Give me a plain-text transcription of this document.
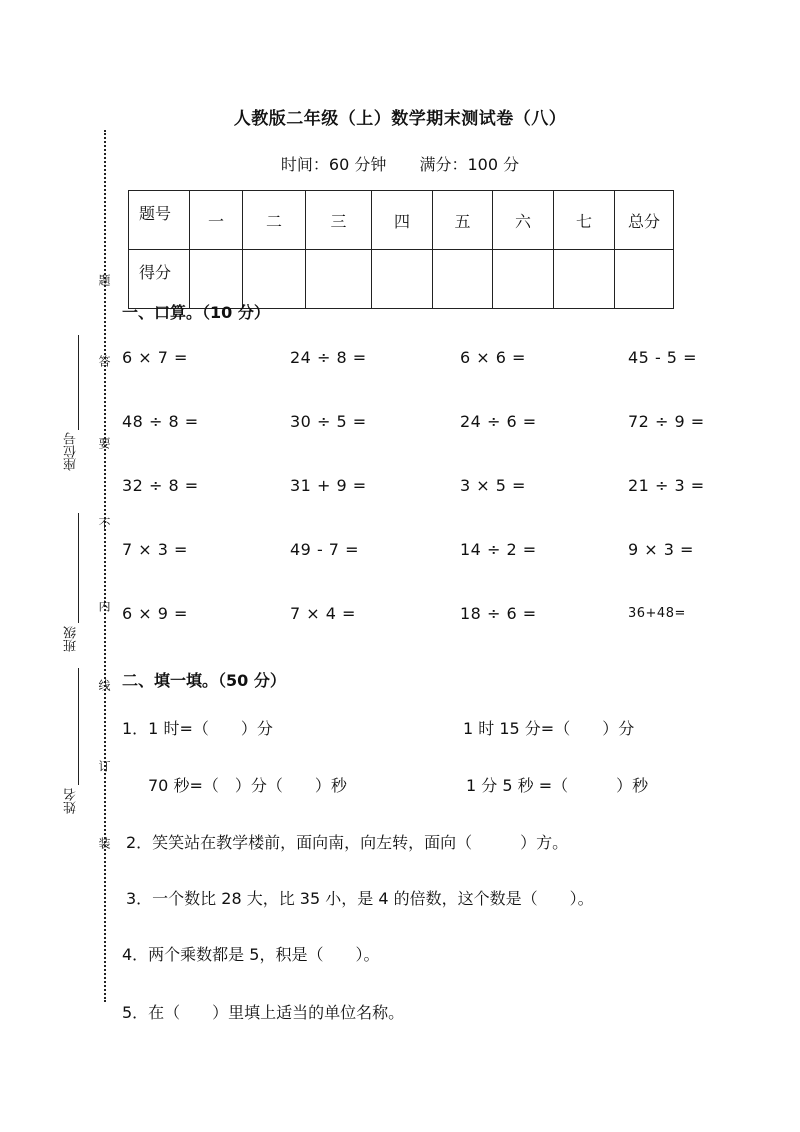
题
答
要
不
内
线
订
装
座位号
班级
姓名
人教版二年级（上）数学期末测试卷（八）
时间：60 分钟 满分：100 分
题号	一	二	三	四	五	六	七	总分
得分								
一、口算。（10 分）
6 × 7 =	24 ÷ 8 =	6 × 6 =	45 - 5 =
48 ÷ 8 =	30 ÷ 5 =	24 ÷ 6 =	72 ÷ 9 =
32 ÷ 8 =	31 + 9 =	3 × 5 =	21 ÷ 3 =
7 × 3 =	49 - 7 =	14 ÷ 2 =	9 × 3 =
6 × 9 =	7 × 4 =	18 ÷ 6 =	36+48=
二、填一填。（50 分）
1．1 时=（　　）分	1 时 15 分=（　　）分
70 秒=（　）分（　　）秒	1 分 5 秒 =（　　　）秒
2．笑笑站在教学楼前，面向南，向左转，面向（　　　）方。
3．一个数比 28 大，比 35 小，是 4 的倍数，这个数是（　　）。
4．两个乘数都是 5，积是（　　）。
5．在（　　）里填上适当的单位名称。
